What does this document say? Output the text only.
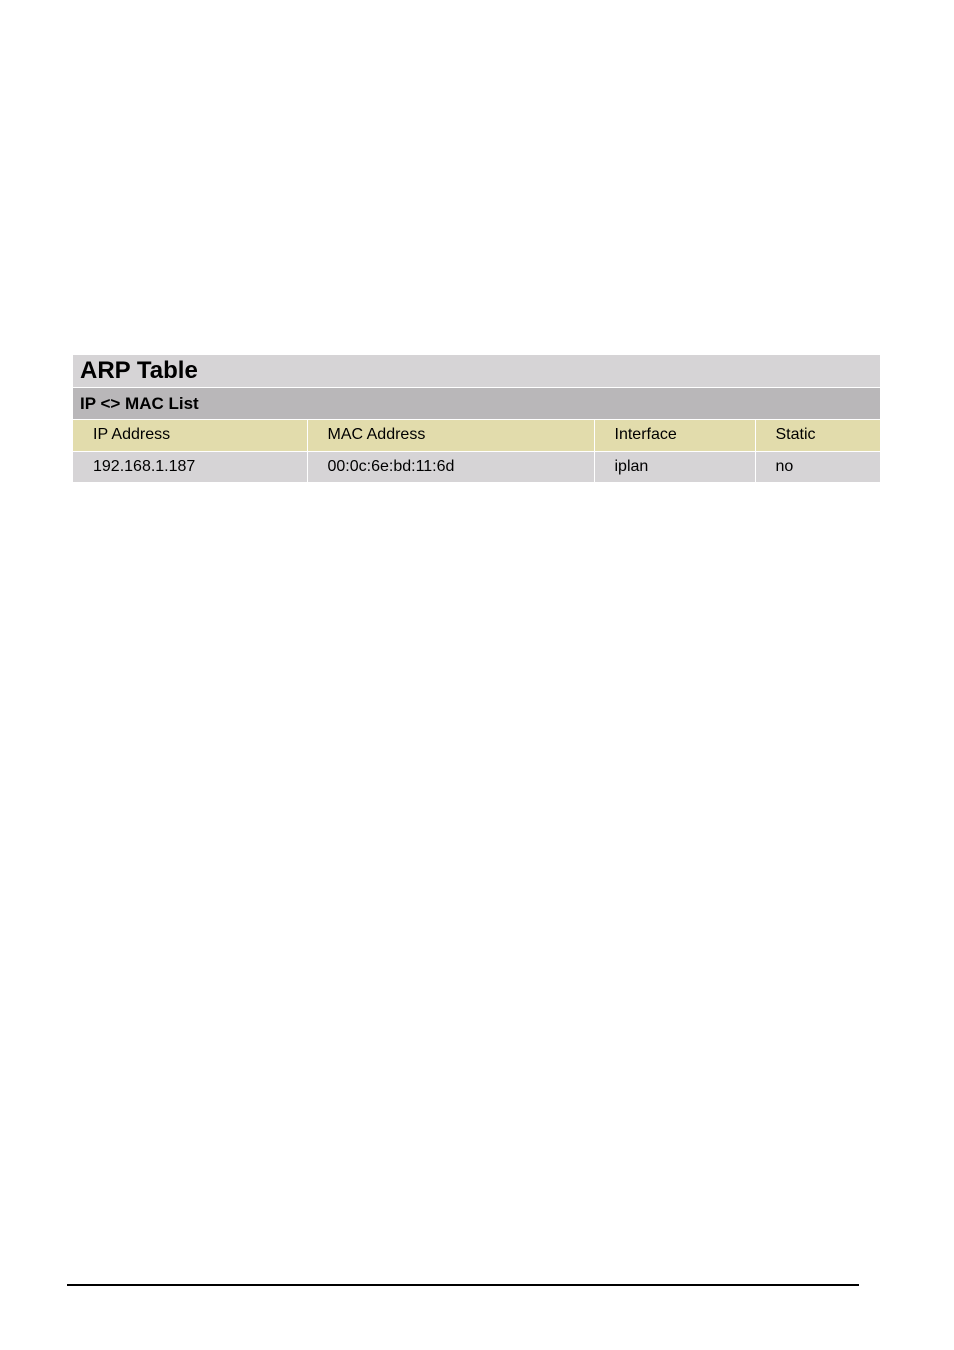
ARP Table
IP <> MAC List
IP Address	MAC Address	Interface	Static
192.168.1.187	00:0c:6e:bd:11:6d	iplan	no
